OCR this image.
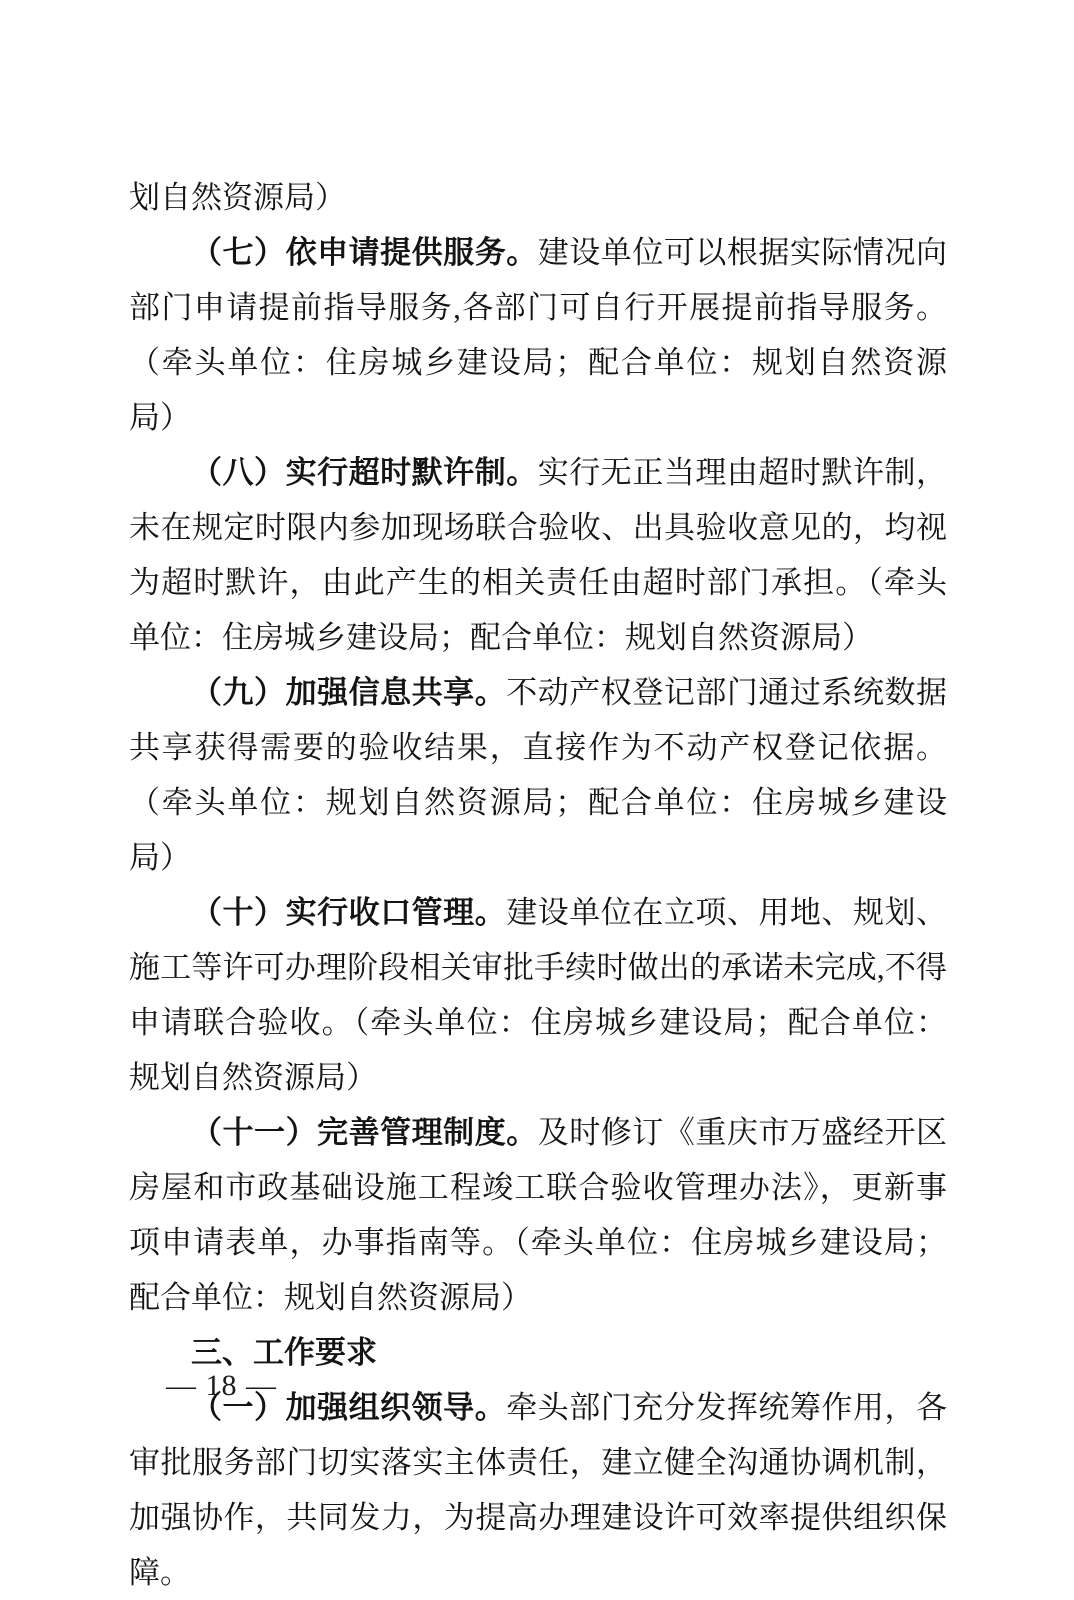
划自然资源局）

（七）依申请提供服务。建设单位可以根据实际情况向部门申请提前指导服务,各部门可自行开展提前指导服务。（牵头单位：住房城乡建设局；配合单位：规划自然资源局）

（八）实行超时默许制。实行无正当理由超时默许制，未在规定时限内参加现场联合验收、出具验收意见的，均视为超时默许，由此产生的相关责任由超时部门承担。（牵头单位：住房城乡建设局；配合单位：规划自然资源局）

（九）加强信息共享。不动产权登记部门通过系统数据共享获得需要的验收结果，直接作为不动产权登记依据。（牵头单位：规划自然资源局；配合单位：住房城乡建设局）

（十）实行收口管理。建设单位在立项、用地、规划、施工等许可办理阶段相关审批手续时做出的承诺未完成,不得申请联合验收。（牵头单位：住房城乡建设局；配合单位：规划自然资源局）

（十一）完善管理制度。及时修订《重庆市万盛经开区房屋和市政基础设施工程竣工联合验收管理办法》，更新事项申请表单，办事指南等。（牵头单位：住房城乡建设局；配合单位：规划自然资源局）

三、工作要求

（一）加强组织领导。牵头部门充分发挥统筹作用，各审批服务部门切实落实主体责任，建立健全沟通协调机制，加强协作，共同发力，为提高办理建设许可效率提供组织保障。

— 18 —
